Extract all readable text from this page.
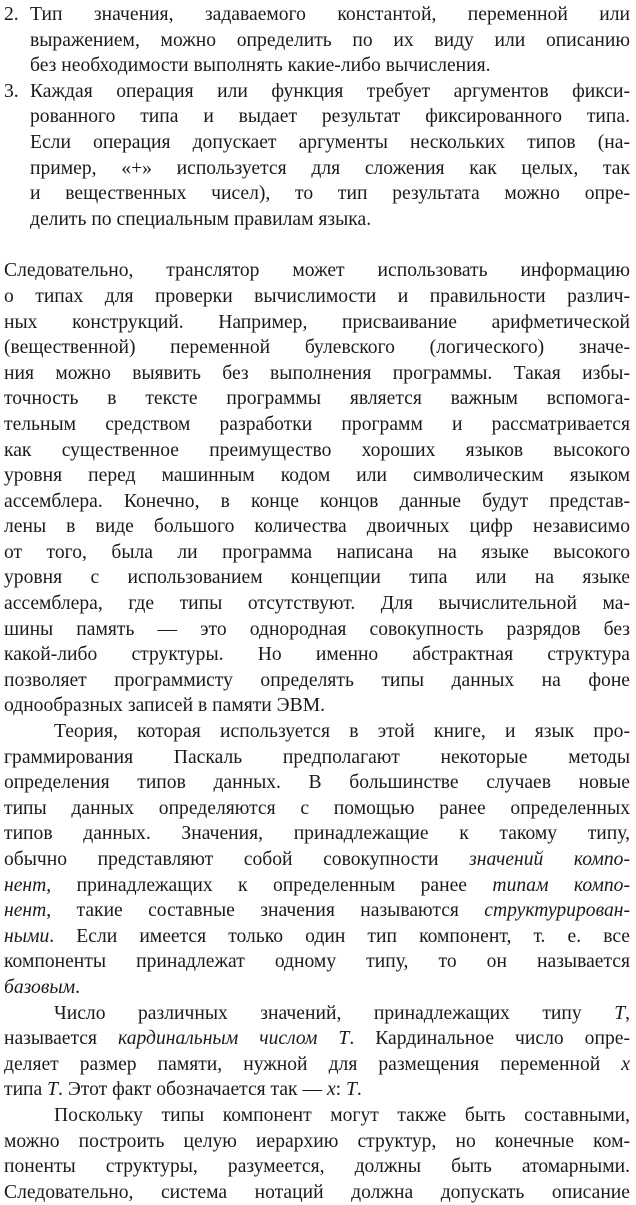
2. Тип значения, задаваемого константой, переменной или
выражением, можно определить по их виду или описанию
без необходимости выполнять какие-либо вычисления.
3. Каждая операция или функция требует аргументов фикси-
рованного типа и выдает результат фиксированного типа.
Если операция допускает аргументы нескольких типов (на-
пример, «+» используется для сложения как целых, так
и вещественных чисел), то тип результата можно опре-
делить по специальным правилам языка.
Следовательно, транслятор может использовать информацию
о типах для проверки вычислимости и правильности различ-
ных конструкций. Например, присваивание арифметической
(вещественной) переменной булевского (логического) значе-
ния можно выявить без выполнения программы. Такая избы-
точность в тексте программы является важным вспомога-
тельным средством разработки программ и рассматривается
как существенное преимущество хороших языков высокого
уровня перед машинным кодом или символическим языком
ассемблера. Конечно, в конце концов данные будут представ-
лены в виде большого количества двоичных цифр независимо
от того, была ли программа написана на языке высокого
уровня с использованием концепции типа или на языке
ассемблера, где типы отсутствуют. Для вычислительной ма-
шины память — это однородная совокупность разрядов без
какой-либо структуры. Но именно абстрактная структура
позволяет программисту определять типы данных на фоне
однообразных записей в памяти ЭВМ.
Теория, которая используется в этой книге, и язык про-
граммирования Паскаль предполагают некоторые методы
определения типов данных. В большинстве случаев новые
типы данных определяются с помощью ранее определенных
типов данных. Значения, принадлежащие к такому типу,
обычно представляют собой совокупности значений компо-
нент, принадлежащих к определенным ранее типам компо-
нент, такие составные значения называются структурирован-
ными. Если имеется только один тип компонент, т. е. все
компоненты принадлежат одному типу, то он называется
базовым.
Число различных значений, принадлежащих типу Т,
называется кардинальным числом Т. Кардинальное число опре-
деляет размер памяти, нужной для размещения переменной х
типа Т. Этот факт обозначается так — х: Т.
Поскольку типы компонент могут также быть составными,
можно построить целую иерархию структур, но конечные ком-
поненты структуры, разумеется, должны быть атомарными.
Следовательно, система нотаций должна допускать описание
